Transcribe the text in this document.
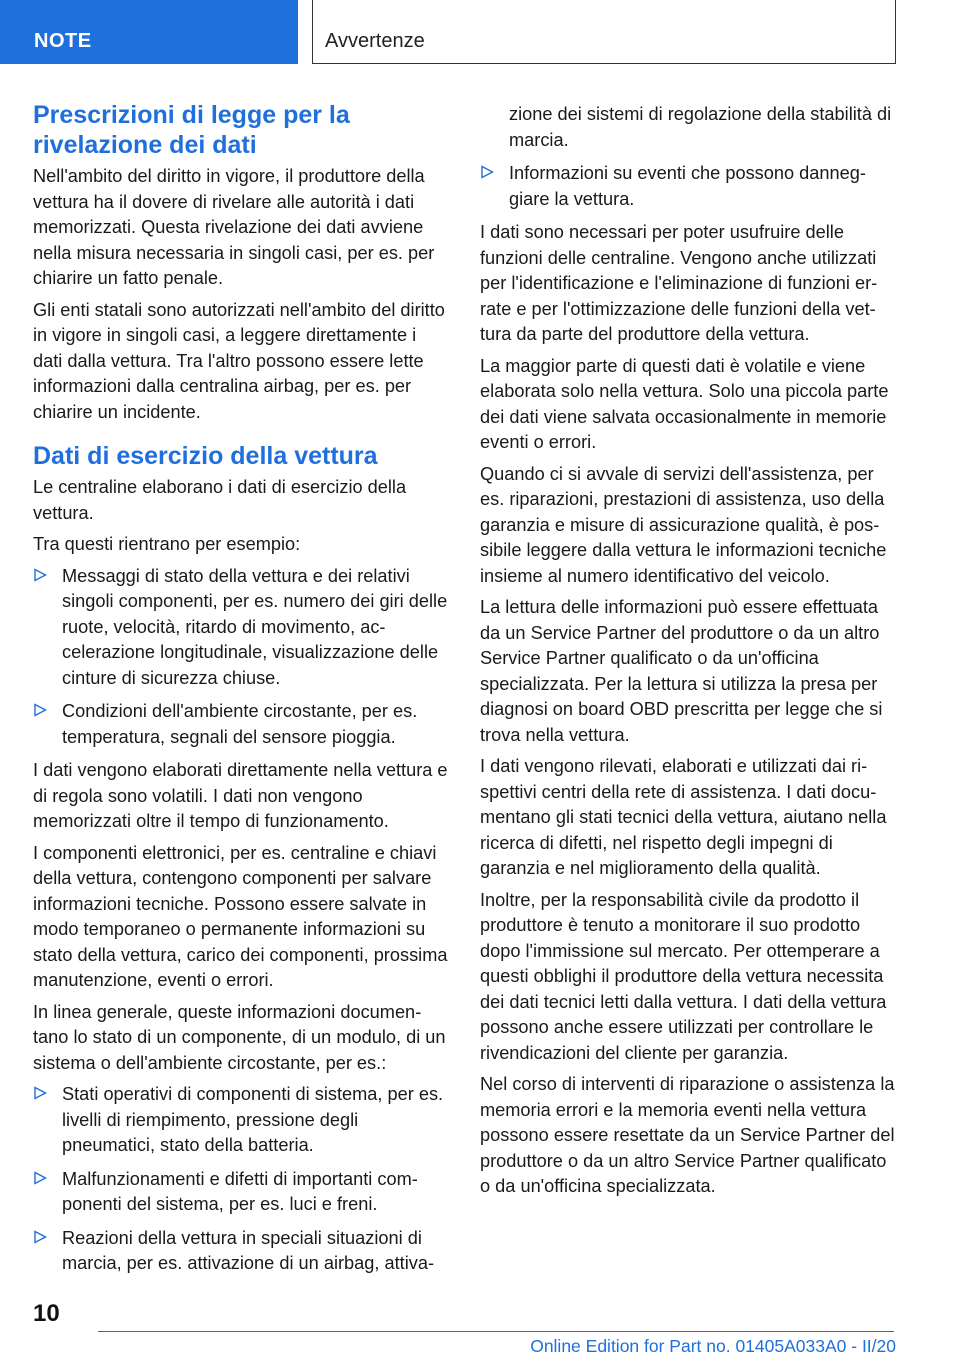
NOTE	Avvertenze
Prescrizioni di legge per la rivelazione dei dati

Nell'ambito del diritto in vigore, il produttore della vettura ha il dovere di rivelare alle autorità i dati memorizzati. Questa rivelazione dei dati avviene nella misura necessaria in singoli casi, per es. per chiarire un fatto penale.

Gli enti statali sono autorizzati nell'ambito del diritto in vigore in singoli casi, a leggere direttamente i dati dalla vettura. Tra l'altro possono essere lette informazioni dalla centralina airbag, per es. per chiarire un incidente.

Dati di esercizio della vettura

Le centraline elaborano i dati di esercizio della vettura.

Tra questi rientrano per esempio:

Messaggi di stato della vettura e dei relativi singoli componenti, per es. numero dei giri delle ruote, velocità, ritardo di movimento, accelerazione longitudinale, visualizzazione delle cinture di sicurezza chiuse.
Condizioni dell'ambiente circostante, per es. temperatura, segnali del sensore pioggia.

I dati vengono elaborati direttamente nella vettura e di regola sono volatili. I dati non vengono memorizzati oltre il tempo di funzionamento.

I componenti elettronici, per es. centraline e chiavi della vettura, contengono componenti per salvare informazioni tecniche. Possono essere salvate in modo temporaneo o permanente informazioni su stato della vettura, carico dei componenti, prossima manutenzione, eventi o errori.

In linea generale, queste informazioni documentano lo stato di un componente, di un modulo, di un sistema o dell'ambiente circostante, per es.:

Stati operativi di componenti di sistema, per es. livelli di riempimento, pressione degli pneumatici, stato della batteria.
Malfunzionamenti e difetti di importanti componenti del sistema, per es. luci e freni.
Reazioni della vettura in speciali situazioni di marcia, per es. attivazione di un airbag, attiva-
zione dei sistemi di regolazione della stabilità di marcia.
Informazioni su eventi che possono danneggiare la vettura.

I dati sono necessari per poter usufruire delle funzioni delle centraline. Vengono anche utilizzati per l'identificazione e l'eliminazione di funzioni errate e per l'ottimizzazione delle funzioni della vettura da parte del produttore della vettura.

La maggior parte di questi dati è volatile e viene elaborata solo nella vettura. Solo una piccola parte dei dati viene salvata occasionalmente in memorie eventi o errori.

Quando ci si avvale di servizi dell'assistenza, per es. riparazioni, prestazioni di assistenza, uso della garanzia e misure di assicurazione qualità, è possibile leggere dalla vettura le informazioni tecniche insieme al numero identificativo del veicolo.

La lettura delle informazioni può essere effettuata da un Service Partner del produttore o da un altro Service Partner qualificato o da un'officina specializzata. Per la lettura si utilizza la presa per diagnosi on board OBD prescritta per legge che si trova nella vettura.

I dati vengono rilevati, elaborati e utilizzati dai rispettivi centri della rete di assistenza. I dati documentano gli stati tecnici della vettura, aiutano nella ricerca di difetti, nel rispetto degli impegni di garanzia e nel miglioramento della qualità.

Inoltre, per la responsabilità civile da prodotto il produttore è tenuto a monitorare il suo prodotto dopo l'immissione sul mercato. Per ottemperare a questi obblighi il produttore della vettura necessita dei dati tecnici letti dalla vettura. I dati della vettura possono anche essere utilizzati per controllare le rivendicazioni del cliente per garanzia.

Nel corso di interventi di riparazione o assistenza la memoria errori e la memoria eventi nella vettura possono essere resettate da un Service Partner del produttore o da un altro Service Partner qualificato o da un'officina specializzata.

10
Online Edition for Part no. 01405A033A0 - II/20
